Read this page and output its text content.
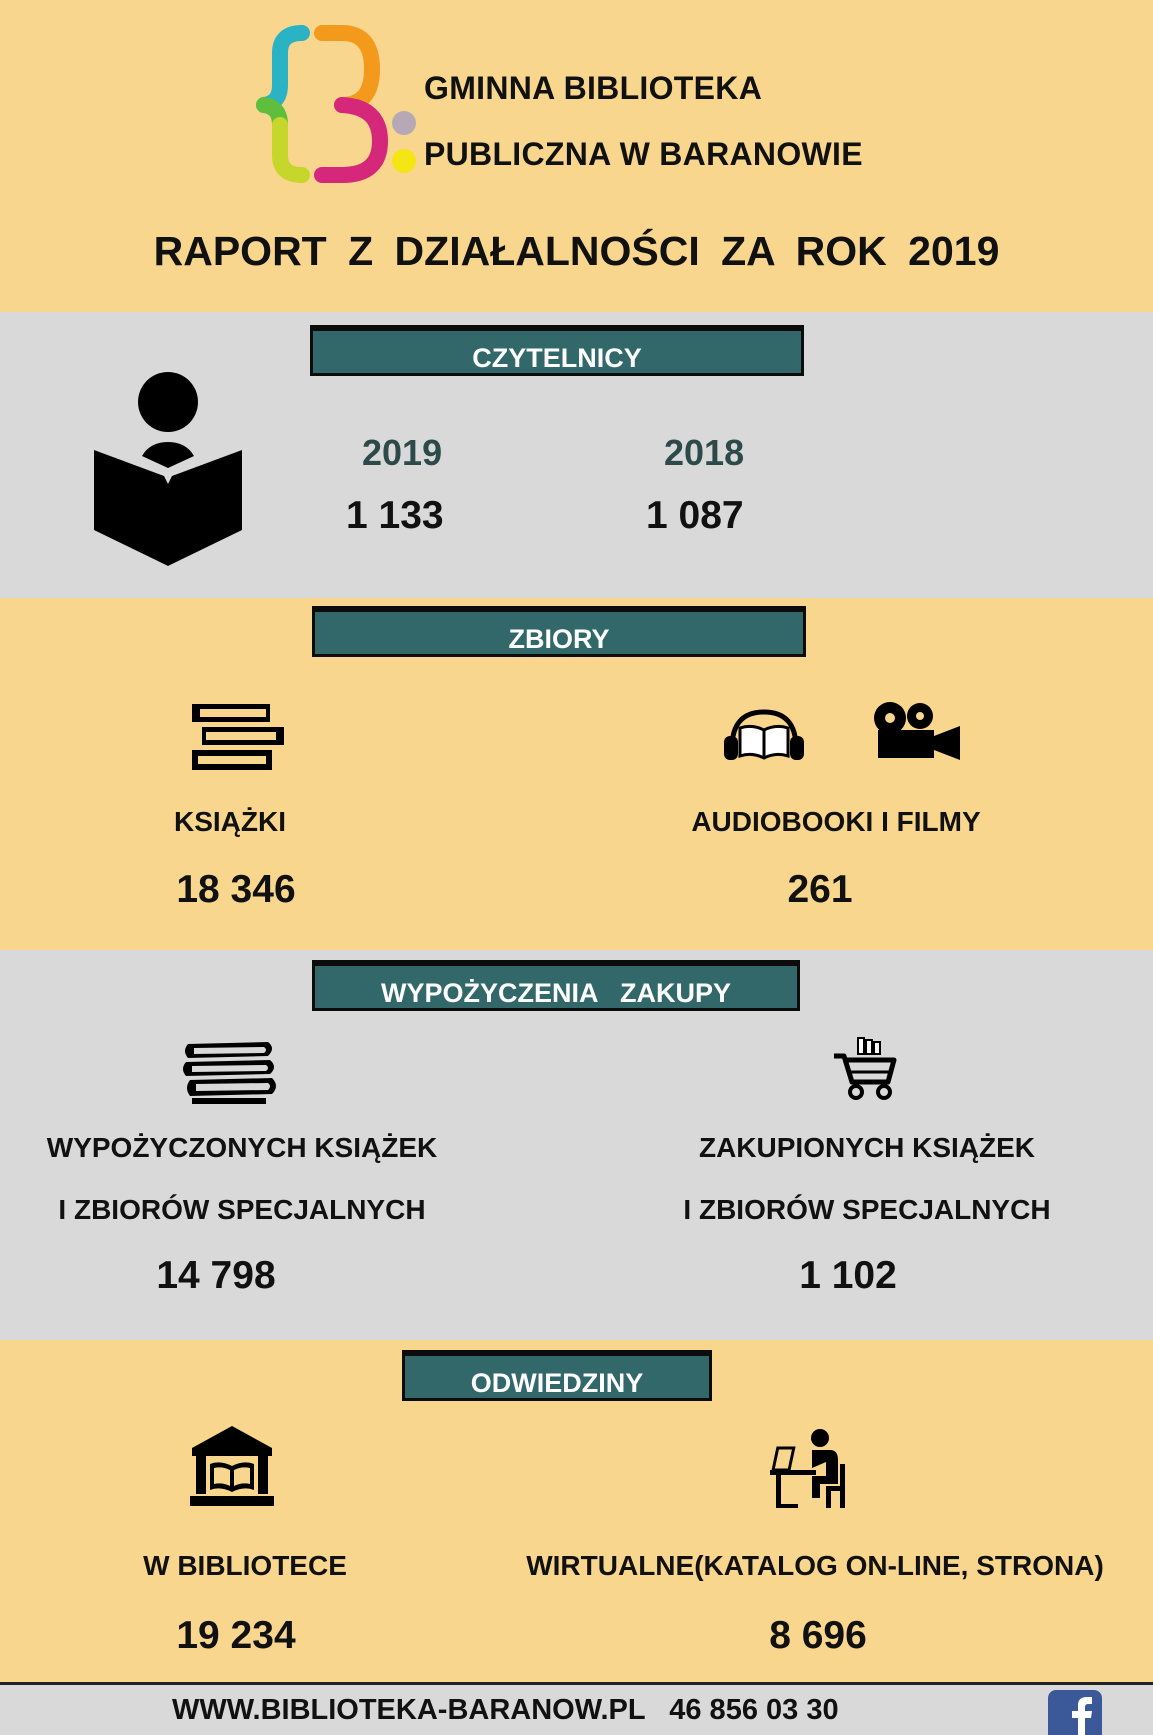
GMINNA BIBLIOTEKA
PUBLICZNA W BARANOWIE
RAPORT Z DZIAŁALNOŚCI ZA ROK 2019
CZYTELNICY
2019
1 133
2018
1 087
ZBIORY
KSIĄŻKI
18 346
AUDIOBOOKI I FILMY
261
WYPOŻYCZENIA   ZAKUPY
WYPOŻYCZONYCH KSIĄŻEK
I ZBIORÓW SPECJALNYCH
14 798
ZAKUPIONYCH KSIĄŻEK
I ZBIORÓW SPECJALNYCH
1 102
ODWIEDZINY
W BIBLIOTECE
19 234
WIRTUALNE(KATALOG ON-LINE, STRONA)
8 696
WWW.BIBLIOTEKA-BARANOW.PL   46 856 03 30
